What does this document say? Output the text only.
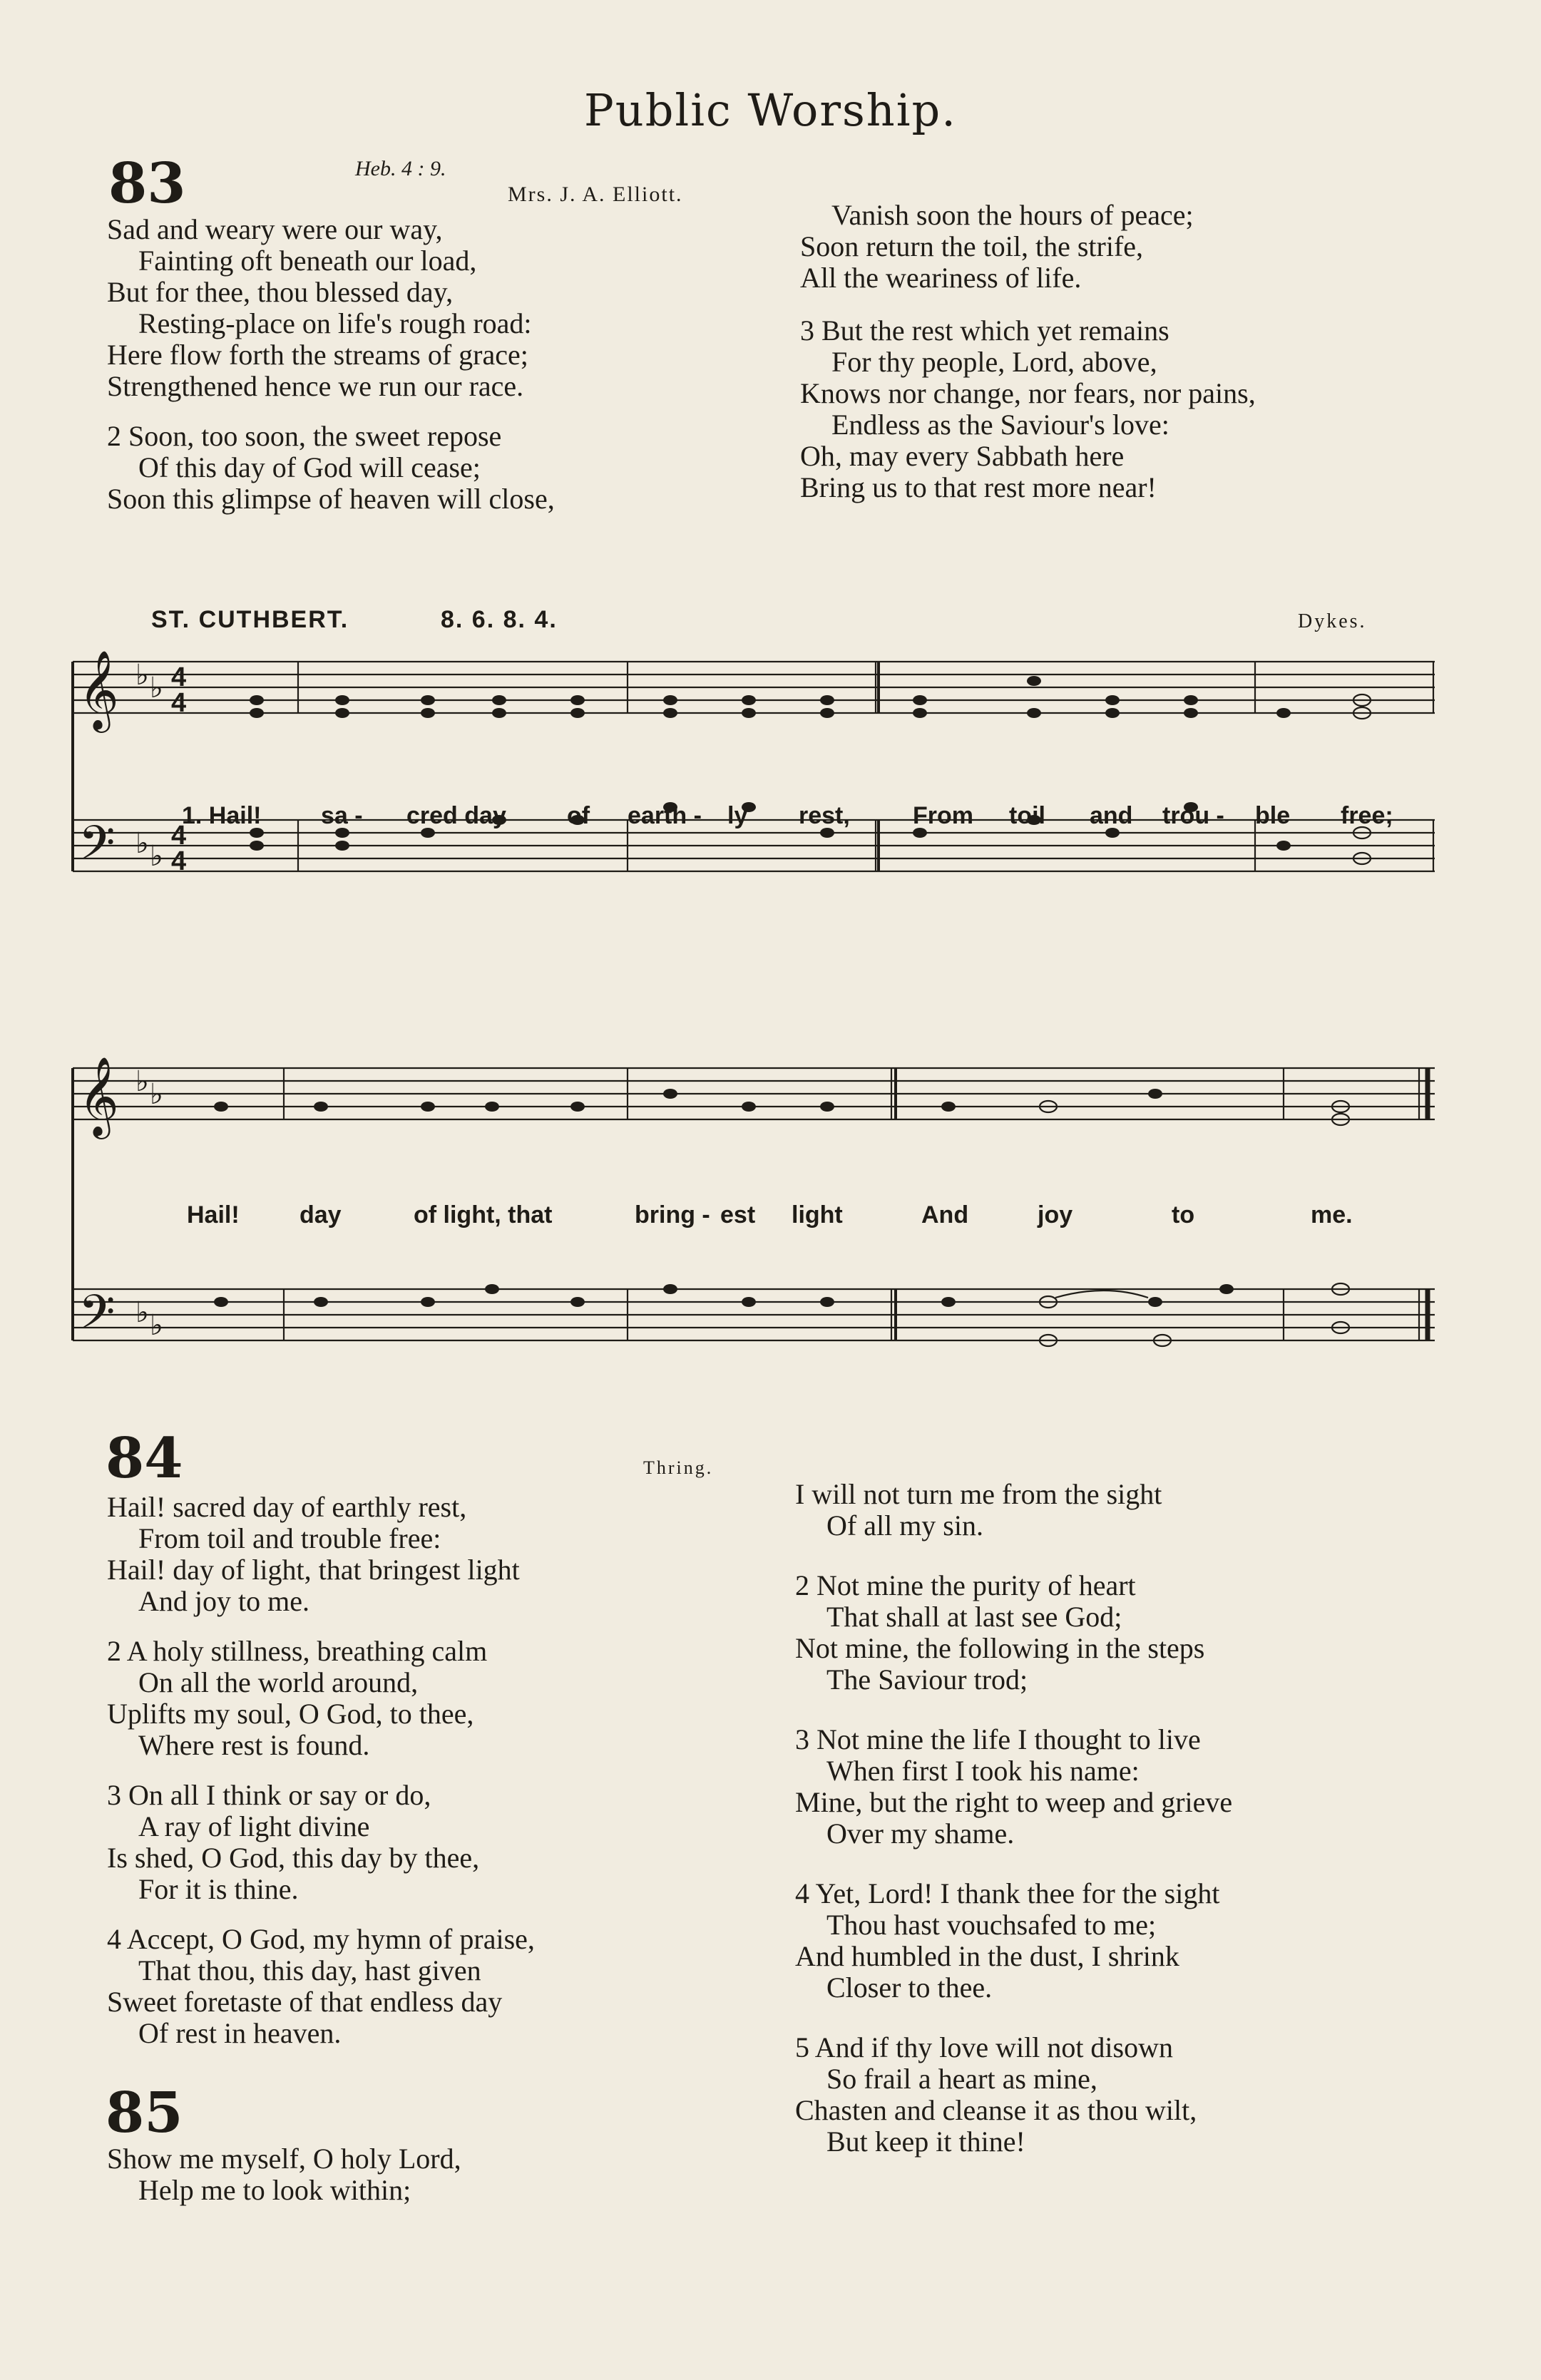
Public Worship.
83	Heb. 4 : 9.
Mrs. J. A. Elliott.
Sad and weary were our way,
Fainting oft beneath our load,
But for thee, thou blessed day,
Resting-place on life's rough road:
Here flow forth the streams of grace;
Strengthened hence we run our race.
2 Soon, too soon, the sweet repose
Of this day of God will cease;
Soon this glimpse of heaven will close,
Vanish soon the hours of peace;
Soon return the toil, the strife,
All the weariness of life.
3 But the rest which yet remains
For thy people, Lord, above,
Knows nor change, nor fears, nor pains,
Endless as the Saviour's love:
Oh, may every Sabbath here
Bring us to that rest more near!
ST. CUTHBERT.	8. 6. 8. 4.	Dykes.
𝄞
𝄢
♭ ♭
♭ ♭
4
4
4
4
1. Hail! sa - cred day	of earth - ly rest,	From toil and trou - ble free;
𝄞
𝄢
♭ ♭
♭ ♭
Hail! day	of light, that	bring - est light	And	joy	to	me.
84	Thring.
Hail! sacred day of earthly rest,
From toil and trouble free:
Hail! day of light, that bringest light
And joy to me.
2 A holy stillness, breathing calm
On all the world around,
Uplifts my soul, O God, to thee,
Where rest is found.
3 On all I think or say or do,
A ray of light divine
Is shed, O God, this day by thee,
For it is thine.
4 Accept, O God, my hymn of praise,
That thou, this day, hast given
Sweet foretaste of that endless day
Of rest in heaven.
85
Show me myself, O holy Lord,
Help me to look within;
I will not turn me from the sight
Of all my sin.
2 Not mine the purity of heart
That shall at last see God;
Not mine, the following in the steps
The Saviour trod;
3 Not mine the life I thought to live
When first I took his name:
Mine, but the right to weep and grieve
Over my shame.
4 Yet, Lord! I thank thee for the sight
Thou hast vouchsafed to me;
And humbled in the dust, I shrink
Closer to thee.
5 And if thy love will not disown
So frail a heart as mine,
Chasten and cleanse it as thou wilt,
But keep it thine!
